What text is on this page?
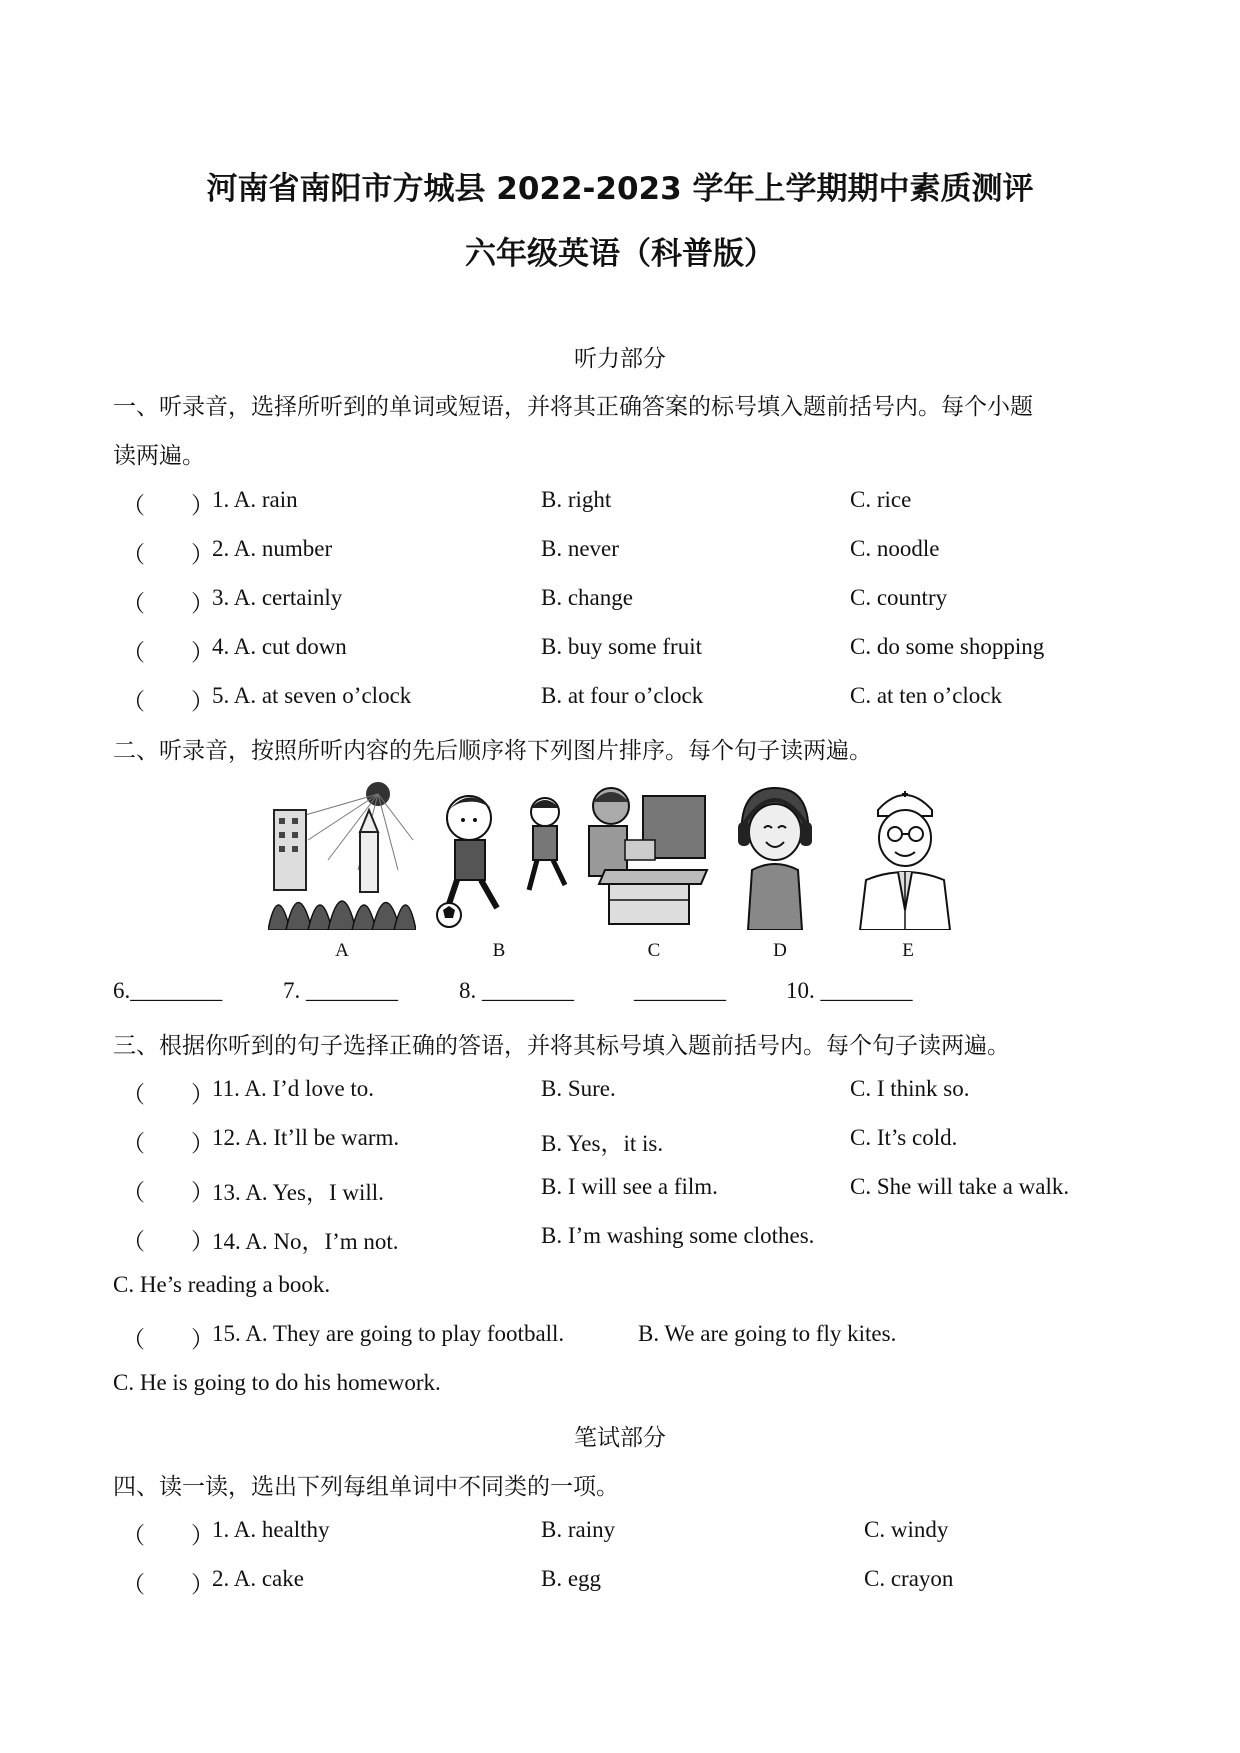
河南省南阳市方城县 2022-2023 学年上学期期中素质测评
六年级英语（科普版）
听力部分
一、听录音，选择所听到的单词或短语，并将其正确答案的标号填入题前括号内。每个小题
读两遍。
（　　）
1. A. rain	B. right	C. rice
（　　）
2. A. number	B. never	C. noodle
（　　）
3. A. certainly	B. change	C. country
（　　）
4. A. cut down	B. buy some fruit	C. do some shopping
（　　）
5. A. at seven o’clock	B. at four o’clock	C. at ten o’clock
二、听录音，按照所听内容的先后顺序将下列图片排序。每个句子读两遍。
A	B	C	D	E
6.________	7. ________	8. ________	________	10. ________
三、根据你听到的句子选择正确的答语，并将其标号填入题前括号内。每个句子读两遍。
（　　）
11. A. I’d love to.	B. Sure.	C. I think so.
（　　）
12. A. It’ll be warm.	B. Yes，it is.	C. It’s cold.
（　　）
13. A. Yes，I will.	B. I will see a film.	C. She will take a walk.
（　　）
14. A. No，I’m not.	B. I’m washing some clothes.
C. He’s reading a book.
（　　）
15. A. They are going to play football.	B. We are going to fly kites.
C. He is going to do his homework.
笔试部分
四、读一读，选出下列每组单词中不同类的一项。
（　　）
1. A. healthy	B. rainy	C. windy
（　　）
2. A. cake	B. egg	C. crayon
